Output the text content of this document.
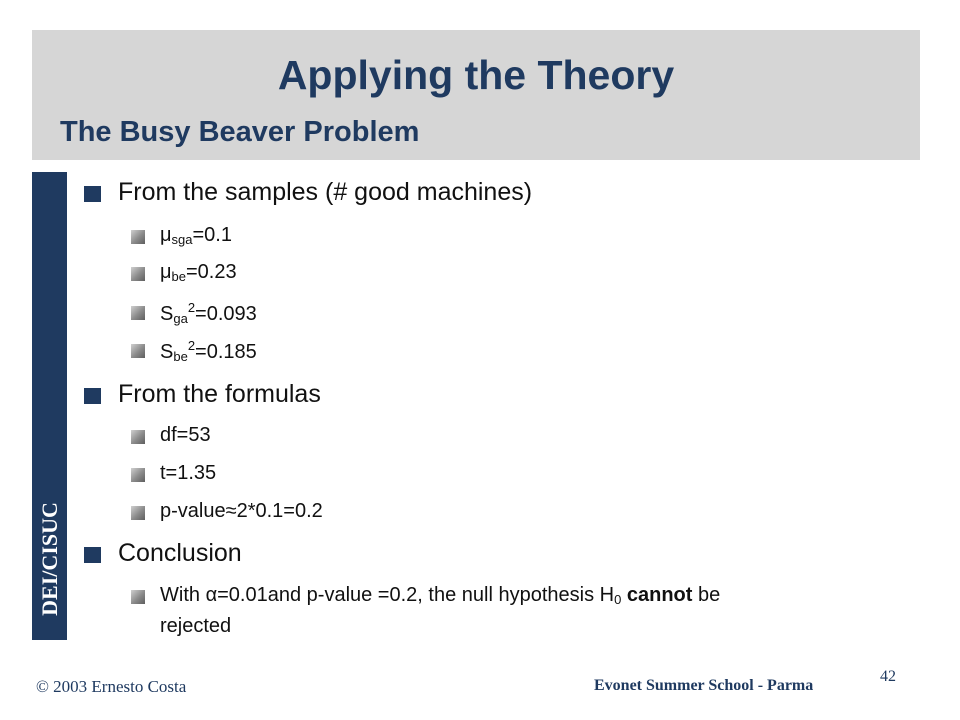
Applying the Theory
The Busy Beaver Problem
DEI/CISUC
From the samples (# good machines)
$\mu_{sga}=0.1$
$\mu_{be}=0.23$
$S_{ga}^2=0.093$
$S_{be}^2=0.185$
From the formulas
df=53
t=1.35
p-value≈2*0.1=0.2
Conclusion
With α=0.01and p-value =0.2, the null hypothesis $H_0$ cannot be
rejected
© 2003 Ernesto Costa	Evonet Summer School - Parma
42
